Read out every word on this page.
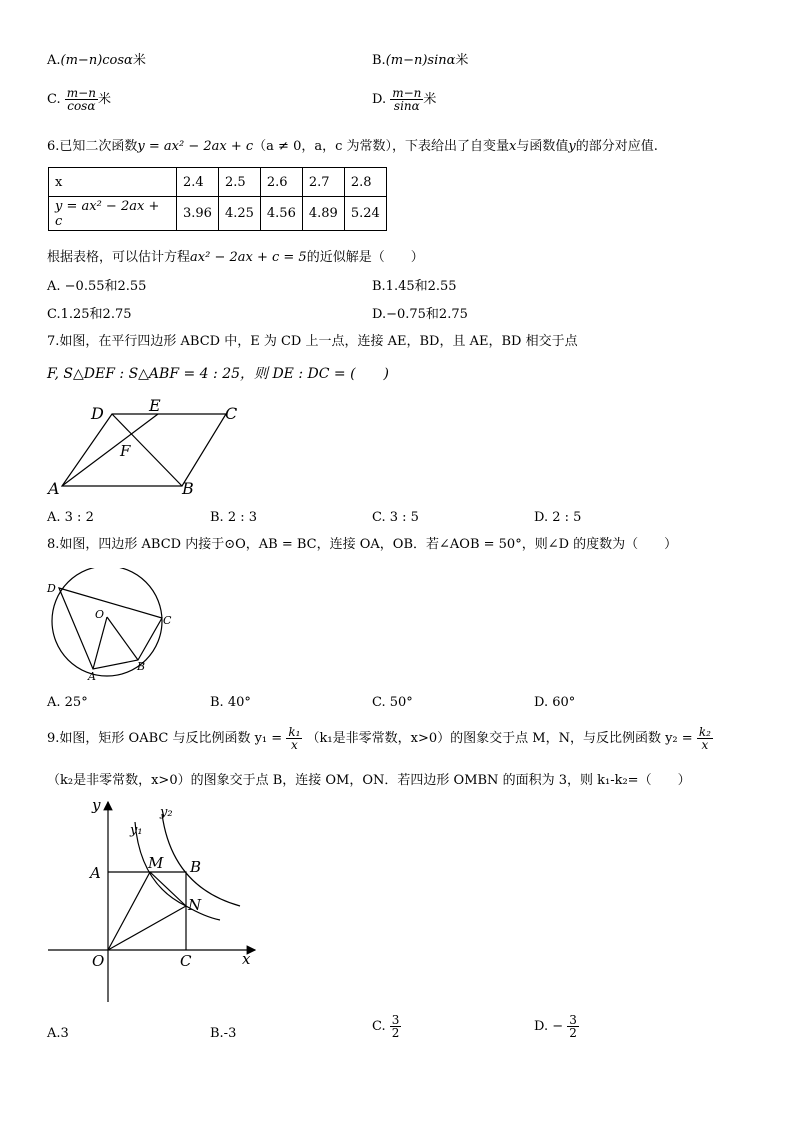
A.(m−n)cosα米	B.(m−n)sinα米
C. $\frac{m-n}{\cos\alpha}$ 米	D. $\frac{m-n}{\sin\alpha}$ 米
6.已知二次函数y = ax² − 2ax + c（a ≠ 0，a，c 为常数），下表给出了自变量x与函数值y的部分对应值.
x	2.4	2.5	2.6	2.7	2.8
y = ax² − 2ax + c	3.96	4.25	4.56	4.89	5.24
根据表格，可以估计方程ax² − 2ax + c = 5的近似解是（　　）
A. −0.55和2.55	B.1.45和2.55
C.1.25和2.75	D.−0.75和2.75
7.如图，在平行四边形 ABCD 中，E 为 CD 上一点，连接 AE，BD，且 AE，BD 相交于点
F, S△DEF : S△ABF = 4 : 25，则 DE : DC = (　　)
D	E	C
F
A	B
A. 3 : 2	B. 2 : 3	C. 3 : 5	D. 2 : 5
8.如图，四边形 ABCD 内接于⊙O，AB = BC，连接 OA，OB．若∠AOB = 50°，则∠D 的度数为（　　）
D
O	C
B
A
A. 25°	B. 40°	C. 50°	D. 60°
9.如图，矩形 OABC 与反比例函数 $y_1 = \frac{\text{k₁}}{x} (k_1$是非零常数，x>0）的图象交于点 M，N，与反比例函数 $y_2 = \frac{\text{k₂}}{x}$
（k₂是非零常数，x>0）的图象交于点 B，连接 OM，ON．若四边形 OMBN 的面积为 3，则 k₁-k₂=（　　）
y
x
y₁
y₂
A
M B
N
O	C
A.3	B.-3	C. $\frac{3}{2}$	D. − $\frac{3}{2}$
